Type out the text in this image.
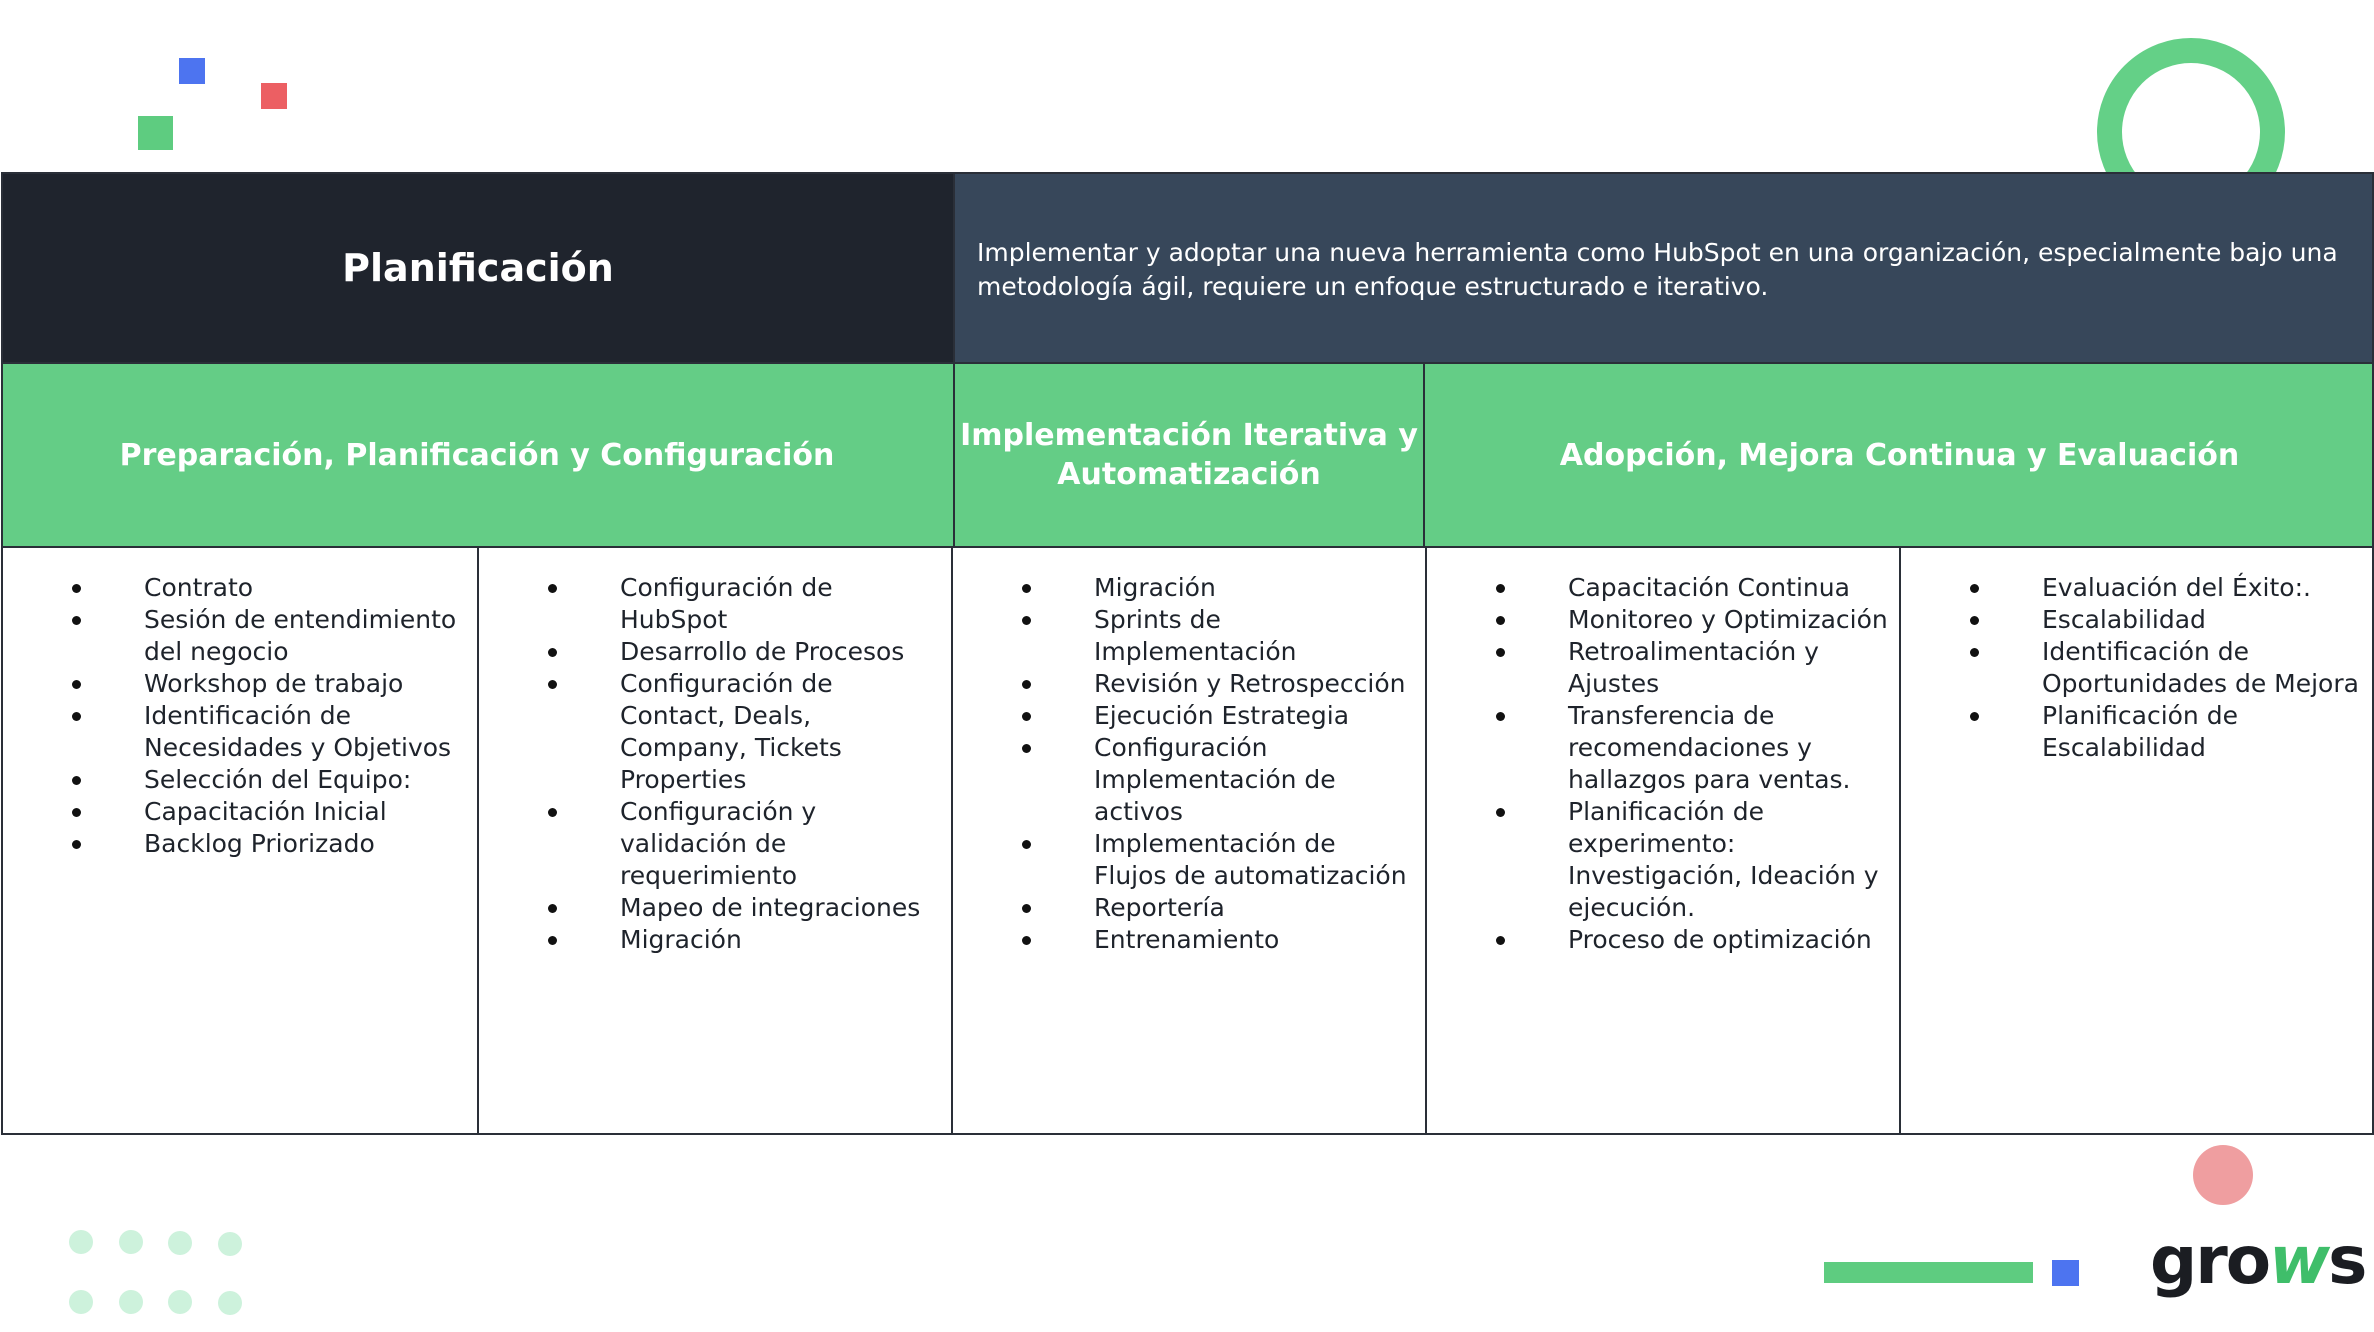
grows
Planificación	Implementar y adoptar una nueva herramienta como HubSpot en una organización, especialmente bajo una metodología ágil, requiere un enfoque estructurado e iterativo.
Preparación, Planificación y Configuración
Implementación Iterativa y Automatización
Adopción, Mejora Continua y Evaluación
Contrato
Sesión de entendimiento del negocio
Workshop de trabajo
Identificación de Necesidades y Objetivos
Selección del Equipo:
Capacitación Inicial
Backlog Priorizado
Configuración de HubSpot
Desarrollo de Procesos
Configuración de Contact, Deals, Company, Tickets Properties
Configuración y validación de requerimiento
Mapeo de integraciones
Migración
Migración
Sprints de Implementación
Revisión y Retrospección
Ejecución Estrategia
Configuración Implementación de activos
Implementación de Flujos de automatización
Reportería
Entrenamiento
Capacitación Continua
Monitoreo y Optimización
Retroalimentación y Ajustes
Transferencia de recomendaciones y hallazgos para ventas.
Planificación de experimento: Investigación, Ideación y ejecución.
Proceso de optimización
Evaluación del Éxito:.
Escalabilidad
Identificación de Oportunidades de Mejora
Planificación de Escalabilidad
